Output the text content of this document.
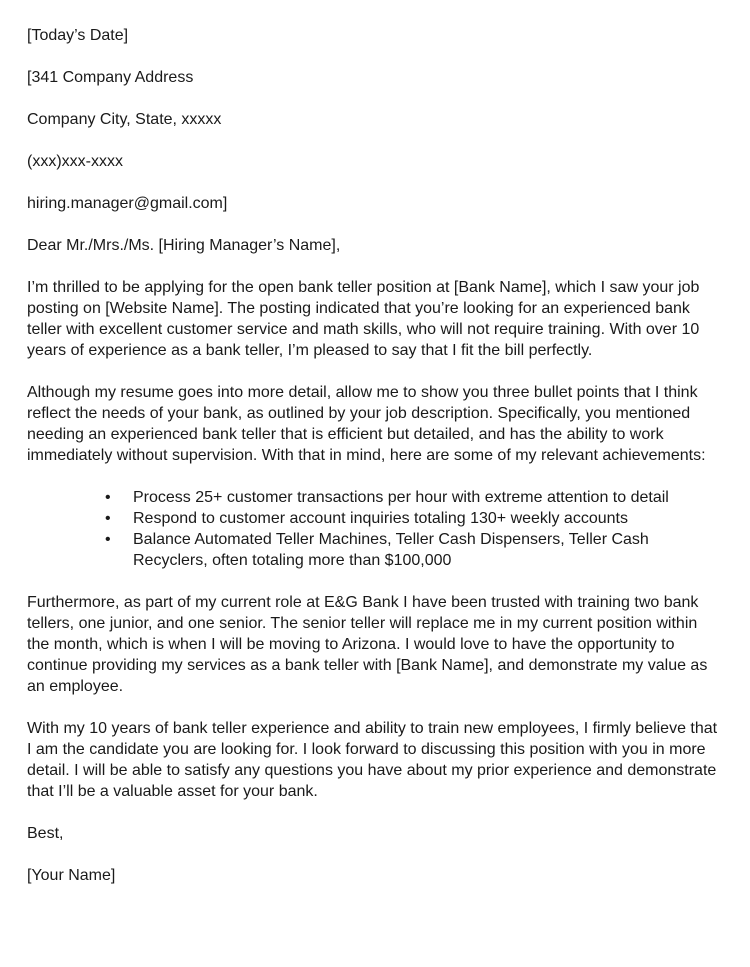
[Today’s Date]
[341 Company Address
Company City, State, xxxxx
(xxx)xxx-xxxx
hiring.manager@gmail.com]
Dear Mr./Mrs./Ms. [Hiring Manager’s Name],

I’m thrilled to be applying for the open bank teller position at [Bank Name], which I saw your job posting on [Website Name]. The posting indicated that you’re looking for an experienced bank teller with excellent customer service and math skills, who will not require training. With over 10 years of experience as a bank teller, I’m pleased to say that I fit the bill perfectly.

Although my resume goes into more detail, allow me to show you three bullet points that I think reflect the needs of your bank, as outlined by your job description. Specifically, you mentioned needing an experienced bank teller that is efficient but detailed, and has the ability to work immediately without supervision. With that in mind, here are some of my relevant achievements:

• Process 25+ customer transactions per hour with extreme attention to detail
• Respond to customer account inquiries totaling 130+ weekly accounts
• Balance Automated Teller Machines, Teller Cash Dispensers, Teller Cash Recyclers, often totaling more than $100,000

Furthermore, as part of my current role at E&G Bank I have been trusted with training two bank tellers, one junior, and one senior. The senior teller will replace me in my current position within the month, which is when I will be moving to Arizona. I would love to have the opportunity to continue providing my services as a bank teller with [Bank Name], and demonstrate my value as an employee.

With my 10 years of bank teller experience and ability to train new employees, I firmly believe that I am the candidate you are looking for. I look forward to discussing this position with you in more detail. I will be able to satisfy any questions you have about my prior experience and demonstrate that I’ll be a valuable asset for your bank.

Best,
[Your Name]
